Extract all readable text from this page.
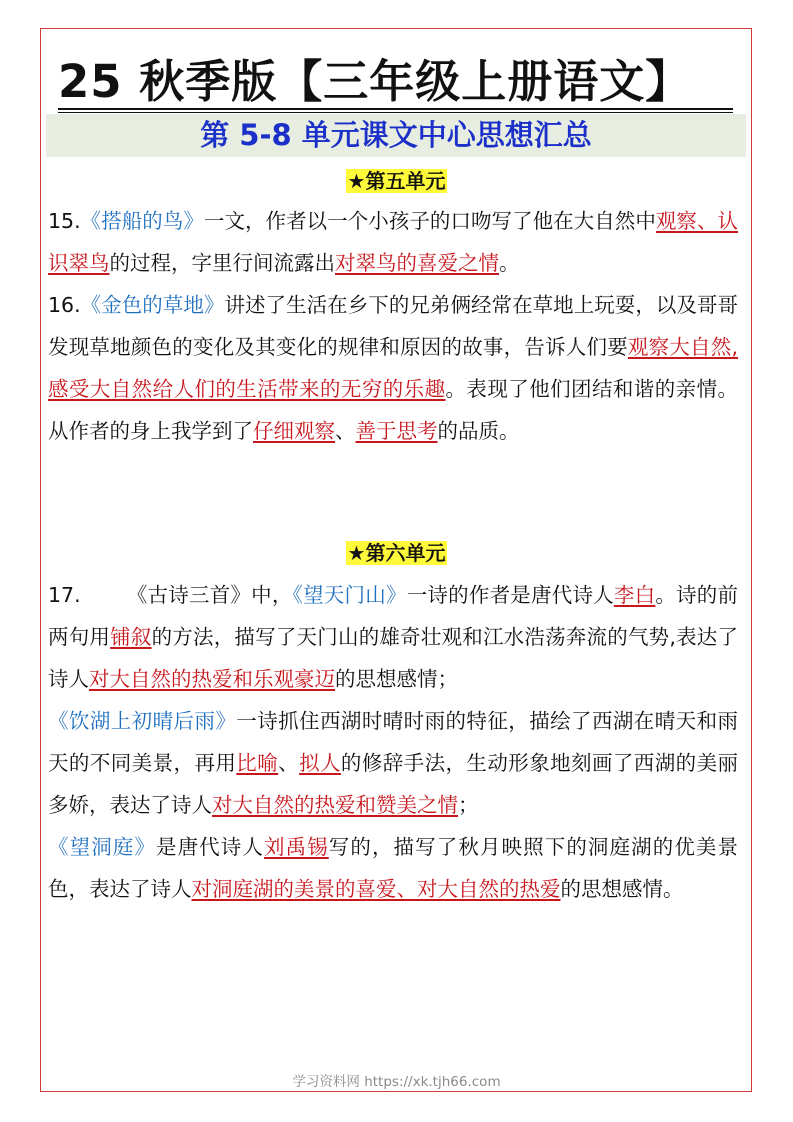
25 秋季版【三年级上册语文】
第 5-8 单元课文中心思想汇总
★第五单元

15.《搭船的鸟》一文，作者以一个小孩子的口吻写了他在大自然中观察、认识翠鸟的过程，字里行间流露出对翠鸟的喜爱之情。

16.《金色的草地》讲述了生活在乡下的兄弟俩经常在草地上玩耍，以及哥哥发现草地颜色的变化及其变化的规律和原因的故事，告诉人们要观察大自然,感受大自然给人们的生活带来的无穷的乐趣。表现了他们团结和谐的亲情。从作者的身上我学到了仔细观察、善于思考的品质。

★第六单元

17. 《古诗三首》中，《望天门山》一诗的作者是唐代诗人李白。诗的前两句用铺叙的方法，描写了天门山的雄奇壮观和江水浩荡奔流的气势,表达了诗人对大自然的热爱和乐观豪迈的思想感情；

《饮湖上初晴后雨》一诗抓住西湖时晴时雨的特征，描绘了西湖在晴天和雨天的不同美景，再用比喻、拟人的修辞手法，生动形象地刻画了西湖的美丽多娇，表达了诗人对大自然的热爱和赞美之情；

《望洞庭》是唐代诗人刘禹锡写的，描写了秋月映照下的洞庭湖的优美景色，表达了诗人对洞庭湖的美景的喜爱、对大自然的热爱的思想感情。

学习资料网 https://xk.tjh66.com
